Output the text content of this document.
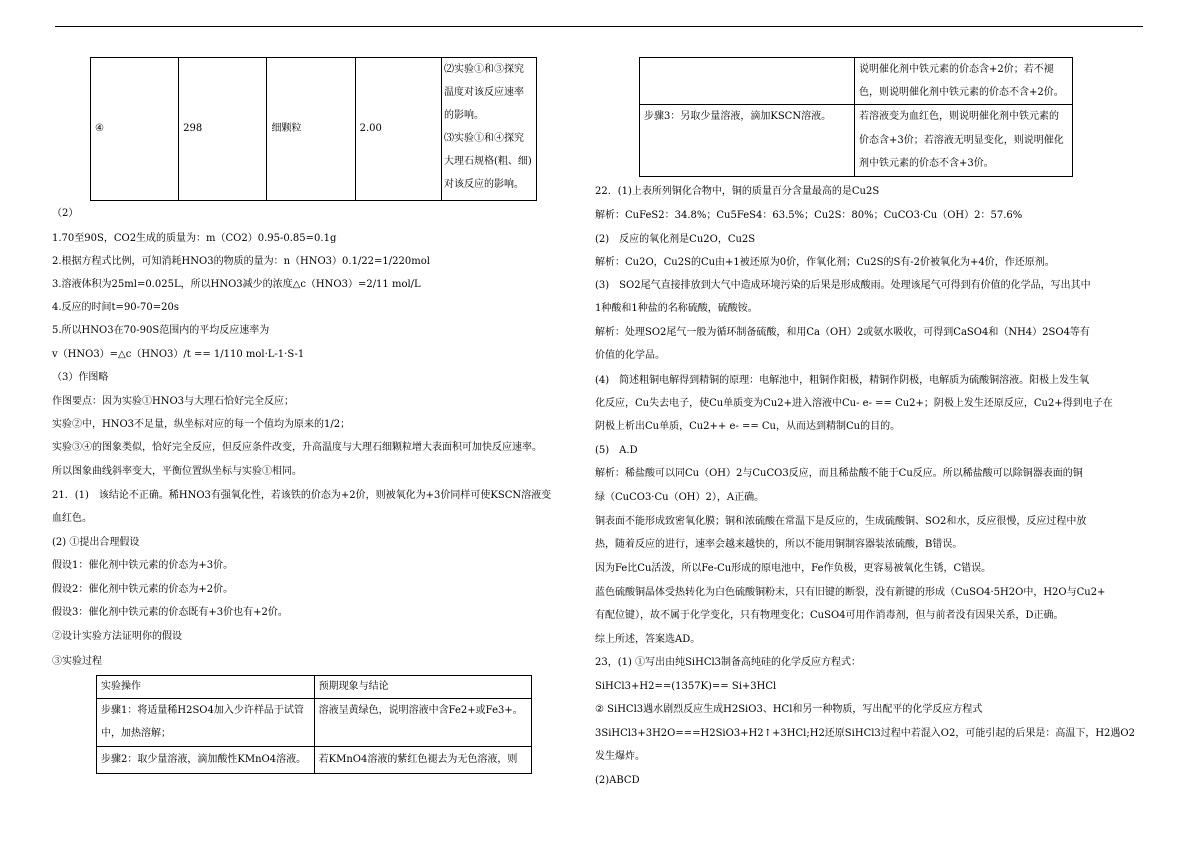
④	298	细颗粒	2.00	
⑵实验①和③探究
温度对该反应速率
的影响。
⑶实验①和④探究
大理石规格(粗、细)
对该反应的影响。
（2）
1.70至90S，CO2生成的质量为：m（CO2）0.95-0.85=0.1g
2.根据方程式比例，可知消耗HNO3的物质的量为：n（HNO3）0.1/22=1/220mol
3.溶液体积为25ml=0.025L，所以HNO3减少的浓度△c（HNO3）=2/11 mol/L
4.反应的时间t=90-70=20s
5.所以HNO3在70-90S范围内的平均反应速率为
v（HNO3）=△c（HNO3）/t == 1/110 mol·L-1·S-1
（3）作图略
作图要点：因为实验①HNO3与大理石恰好完全反应；
实验②中，HNO3不足量，纵坐标对应的每一个值均为原来的1/2；
实验③④的图象类似，恰好完全反应，但反应条件改变，升高温度与大理石细颗粒增大表面积可加快反应速率。
所以图象曲线斜率变大，平衡位置纵坐标与实验①相同。
21．(1)　该结论不正确。稀HNO3有强氧化性，若该铁的价态为+2价，则被氧化为+3价同样可使KSCN溶液变
血红色。
(2) ①提出合理假设
假设1：催化剂中铁元素的价态为+3价。
假设2：催化剂中铁元素的价态为+2价。
假设3：催化剂中铁元素的价态既有+3价也有+2价。
②设计实验方法证明你的假设
③实验过程
实验操作	预期现象与结论

步骤1：将适量稀H2SO4加入少许样品于试管
中，加热溶解；	溶液呈黄绿色，说明溶液中含Fe2+或Fe3+。
步骤2：取少量溶液，滴加酸性KMnO4溶液。	若KMnO4溶液的紫红色褪去为无色溶液，则

	说明催化剂中铁元素的价态含+2价；若不褪
色，则说明催化剂中铁元素的价态不含+2价。

步骤3：另取少量溶液，滴加KSCN溶液。	若溶液变为血红色，则说明催化剂中铁元素的
价态含+3价；若溶液无明显变化，则说明催化
剂中铁元素的价态不含+3价。
22．(1)上表所列铜化合物中，铜的质量百分含量最高的是Cu2S
解析：CuFeS2：34.8%；Cu5FeS4：63.5%；Cu2S：80%；CuCO3·Cu（OH）2：57.6%
(2)　反应的氧化剂是Cu2O，Cu2S
解析：Cu2O，Cu2S的Cu由+1被还原为0价，作氧化剂；Cu2S的S有-2价被氧化为+4价，作还原剂。
(3)　SO2尾气直接排放到大气中造成环境污染的后果是形成酸雨。处理该尾气可得到有价值的化学品，写出其中
1种酸和1种盐的名称硫酸，硫酸铵。
解析：处理SO2尾气一般为循环制备硫酸，和用Ca（OH）2或氨水吸收，可得到CaSO4和（NH4）2SO4等有
价值的化学品。
(4)　简述粗铜电解得到精铜的原理：电解池中，粗铜作阳极，精铜作阴极，电解质为硫酸铜溶液。阳极上发生氧
化反应，Cu失去电子，使Cu单质变为Cu2+进入溶液中Cu- e- == Cu2+；阴极上发生还原反应，Cu2+得到电子在
阴极上析出Cu单质，Cu2++ e- == Cu，从而达到精制Cu的目的。
(5)　A.D
解析：稀盐酸可以同Cu（OH）2与CuCO3反应，而且稀盐酸不能于Cu反应。所以稀盐酸可以除铜器表面的铜
绿（CuCO3·Cu（OH）2），A正确。
铜表面不能形成致密氧化膜；铜和浓硫酸在常温下是反应的，生成硫酸铜、SO2和水，反应很慢，反应过程中放
热，随着反应的进行，速率会越来越快的，所以不能用铜制容器装浓硫酸，B错误。
因为Fe比Cu活泼，所以Fe-Cu形成的原电池中，Fe作负极，更容易被氧化生锈，C错误。
蓝色硫酸铜晶体受热转化为白色硫酸铜粉末，只有旧键的断裂，没有新键的形成（CuSO4·5H2O中，H2O与Cu2+
有配位键），故不属于化学变化，只有物理变化；CuSO4可用作消毒剂，但与前者没有因果关系，D正确。
综上所述，答案选AD。
23，(1) ①写出由纯SiHCl3制备高纯硅的化学反应方程式：
SiHCl3+H2==(1357K)== Si+3HCl
② SiHCl3遇水剧烈反应生成H2SiO3、HCl和另一种物质，写出配平的化学反应方程式
3SiHCl3+3H2O===H2SiO3+H2↑+3HCl;H2还原SiHCl3过程中若混入O2，可能引起的后果是：高温下，H2遇O2
发生爆炸。
(2)ABCD
